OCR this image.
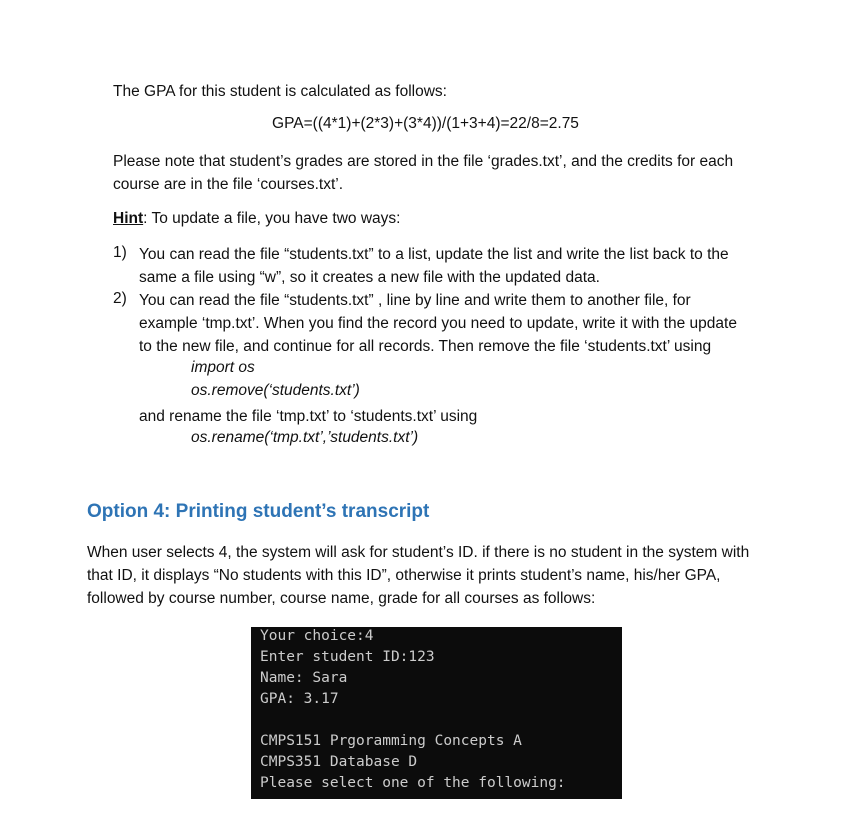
The GPA for this student is calculated as follows:

GPA=((4*1)+(2*3)+(3*4))/(1+3+4)=22/8=2.75

Please note that student’s grades are stored in the file ‘grades.txt’, and the credits for each

course are in the file ‘courses.txt’.

Hint: To update a file, you have two ways:

1) You can read the file “students.txt” to a list, update the list and write the list back to the

same a file using “w”, so it creates a new file with the updated data.

2) You can read the file “students.txt” , line by line and write them to another file, for

example ‘tmp.txt’. When you find the record you need to update, write it with the update

to the new file, and continue for all records. Then remove the file ‘students.txt’ using

import os
os.remove(‘students.txt’)

and rename the file ‘tmp.txt’ to ‘students.txt’ using

os.rename(‘tmp.txt’,’students.txt’)
Option 4: Printing student’s transcript

When user selects 4, the system will ask for student’s ID. if there is no student in the system with

that ID, it displays “No students with this ID”, otherwise it prints student’s name, his/her GPA,

followed by course number, course name, grade for all courses as follows:

Your choice:4
Enter student ID:123
Name: Sara
GPA: 3.17
CMPS151 Prgoramming Concepts A
CMPS351 Database D
Please select one of the following:
